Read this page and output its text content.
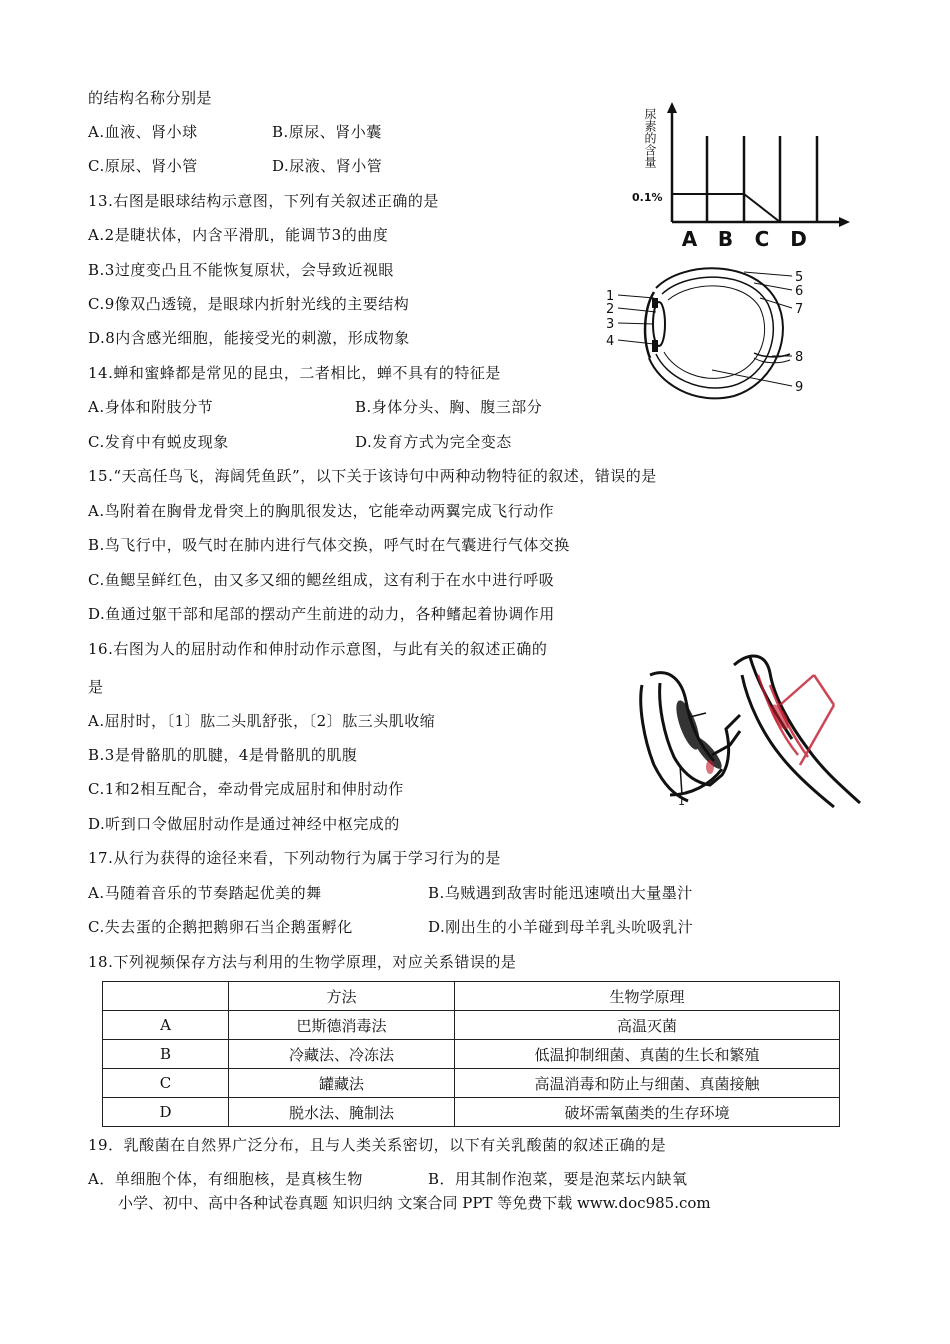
的结构名称分别是
A.血液、肾小球	B.原尿、肾小囊
C.原尿、肾小管	D.尿液、肾小管
13.右图是眼球结构示意图，下列有关叙述正确的是
A.2是睫状体，内含平滑肌，能调节3的曲度
B.3过度变凸且不能恢复原状，会导致近视眼
C.9像双凸透镜，是眼球内折射光线的主要结构
D.8内含感光细胞，能接受光的刺激，形成物象
14.蝉和蜜蜂都是常见的昆虫，二者相比，蝉不具有的特征是
A.身体和附肢分节	B.身体分头、胸、腹三部分
C.发育中有蜕皮现象	D.发育方式为完全变态
15.“天高任鸟飞，海阔凭鱼跃”，以下关于该诗句中两种动物特征的叙述，错误的是
A.鸟附着在胸骨龙骨突上的胸肌很发达，它能牵动两翼完成飞行动作
B.鸟飞行中，吸气时在肺内进行气体交换，呼气时在气囊进行气体交换
C.鱼鳃呈鲜红色，由又多又细的鳃丝组成，这有利于在水中进行呼吸
D.鱼通过躯干部和尾部的摆动产生前进的动力，各种鳍起着协调作用
16.右图为人的屈肘动作和伸肘动作示意图，与此有关的叙述正确的
是
A.屈肘时，〔1〕肱二头肌舒张，〔2〕肱三头肌收缩
B.3是骨骼肌的肌腱，4是骨骼肌的肌腹
C.1和2相互配合，牵动骨完成屈肘和伸肘动作
D.听到口令做屈肘动作是通过神经中枢完成的
17.从行为获得的途径来看，下列动物行为属于学习行为的是
A.马随着音乐的节奏踏起优美的舞	B.乌贼遇到敌害时能迅速喷出大量墨汁
C.失去蛋的企鹅把鹅卵石当企鹅蛋孵化	D.刚出生的小羊碰到母羊乳头吮吸乳汁
18.下列视频保存方法与利用的生物学原理，对应关系错误的是
	方法	生物学原理
A	巴斯德消毒法	高温灭菌
B	冷藏法、冷冻法	低温抑制细菌、真菌的生长和繁殖
C	罐藏法	高温消毒和防止与细菌、真菌接触
D	脱水法、腌制法	破坏需氧菌类的生存环境
19．乳酸菌在自然界广泛分布，且与人类关系密切，以下有关乳酸菌的叙述正确的是
A．单细胞个体，有细胞核，是真核生物	B．用其制作泡菜，要是泡菜坛内缺氧
小学、初中、高中各种试卷真题 知识归纳 文案合同 PPT 等免费下载 www.doc985.com
尿素的含量
0.1%
A B C D
1
2
3
4
5
6
7
8
9
1
